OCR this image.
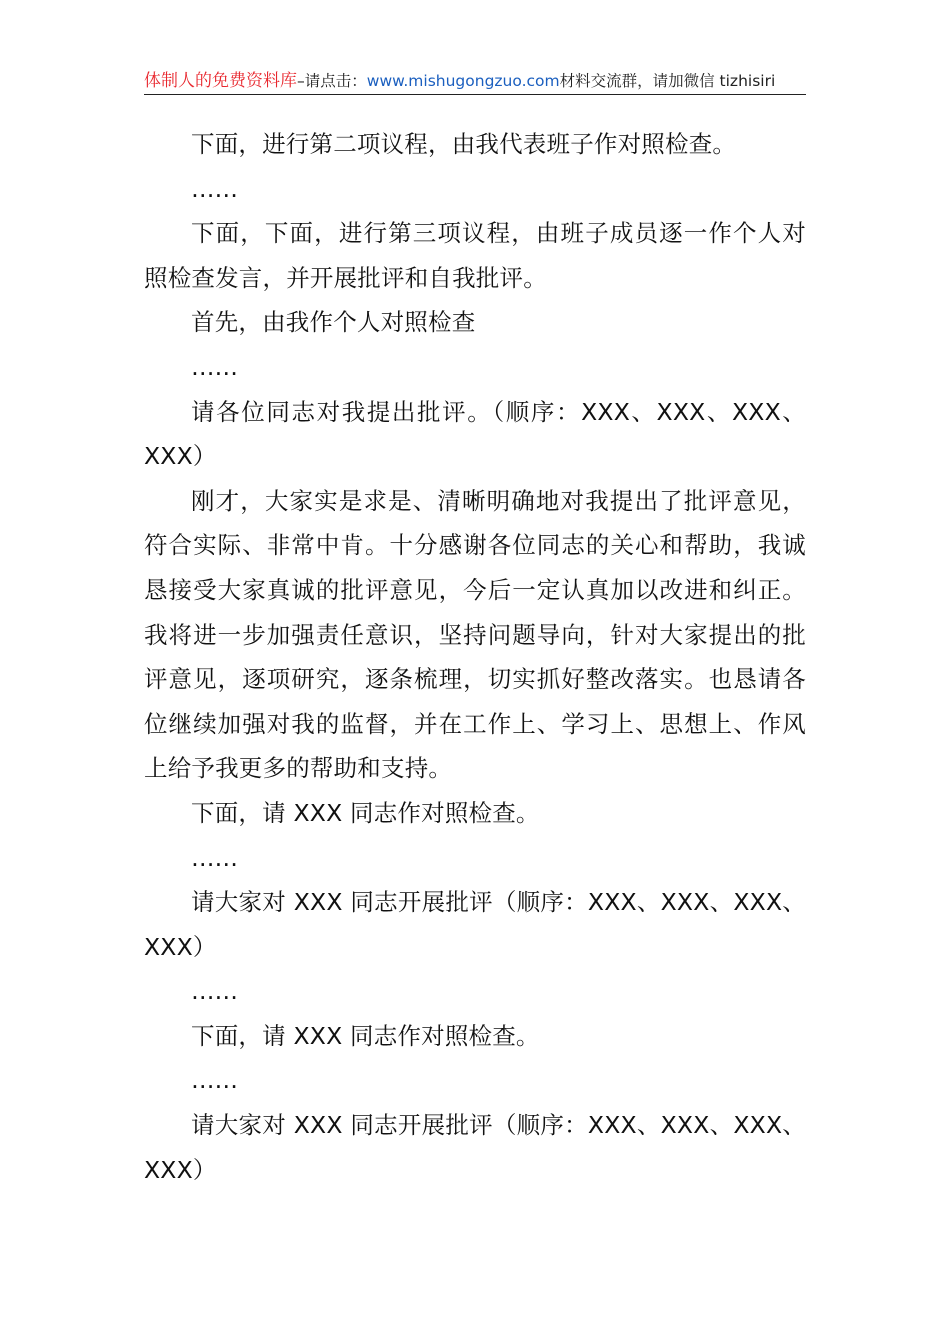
体制人的免费资料库–请点击：www.mishugongzuo.com材料交流群，请加微信 tizhisiri

下面，进行第二项议程，由我代表班子作对照检查。

……

下面，下面，进行第三项议程，由班子成员逐一作个人对照检查发言，并开展批评和自我批评。

首先，由我作个人对照检查

……

请各位同志对我提出批评。（顺序：XXX、XXX、XXX、XXX）

刚才，大家实是求是、清晰明确地对我提出了批评意见，符合实际、非常中肯。十分感谢各位同志的关心和帮助，我诚恳接受大家真诚的批评意见，今后一定认真加以改进和纠正。我将进一步加强责任意识，坚持问题导向，针对大家提出的批评意见，逐项研究，逐条梳理，切实抓好整改落实。也恳请各位继续加强对我的监督，并在工作上、学习上、思想上、作风上给予我更多的帮助和支持。

下面，请 XXX 同志作对照检查。

……

请大家对 XXX 同志开展批评（顺序：XXX、XXX、XXX、XXX）

……

下面，请 XXX 同志作对照检查。

……

请大家对 XXX 同志开展批评（顺序：XXX、XXX、XXX、XXX）
